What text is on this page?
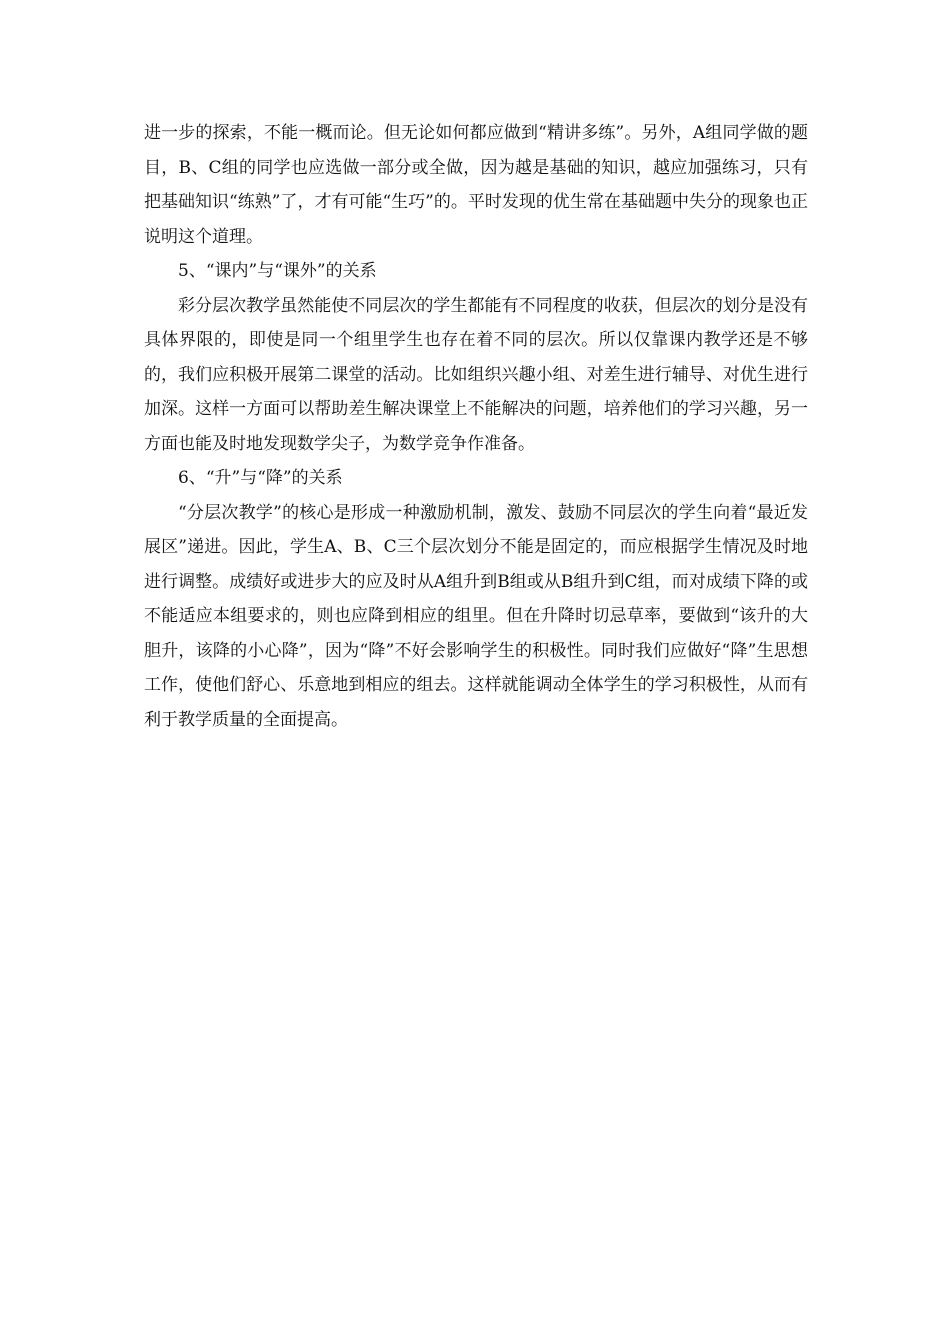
进一步的探索，不能一概而论。但无论如何都应做到“精讲多练”。另外，A组同学做的题目，B、C组的同学也应选做一部分或全做，因为越是基础的知识，越应加强练习，只有把基础知识“练熟”了，才有可能“生巧”的。平时发现的优生常在基础题中失分的现象也正说明这个道理。

5、“课内”与“课外”的关系

彩分层次教学虽然能使不同层次的学生都能有不同程度的收获，但层次的划分是没有具体界限的，即使是同一个组里学生也存在着不同的层次。所以仅靠课内教学还是不够的，我们应积极开展第二课堂的活动。比如组织兴趣小组、对差生进行辅导、对优生进行加深。这样一方面可以帮助差生解决课堂上不能解决的问题，培养他们的学习兴趣，另一方面也能及时地发现数学尖子，为数学竞争作准备。

6、“升”与“降”的关系

“分层次教学”的核心是形成一种激励机制，激发、鼓励不同层次的学生向着“最近发展区”递进。因此，学生A、B、C三个层次划分不能是固定的，而应根据学生情况及时地进行调整。成绩好或进步大的应及时从A组升到B组或从B组升到C组，而对成绩下降的或不能适应本组要求的，则也应降到相应的组里。但在升降时切忌草率，要做到“该升的大胆升，该降的小心降”，因为“降”不好会影响学生的积极性。同时我们应做好“降”生思想工作，使他们舒心、乐意地到相应的组去。这样就能调动全体学生的学习积极性，从而有利于教学质量的全面提高。
